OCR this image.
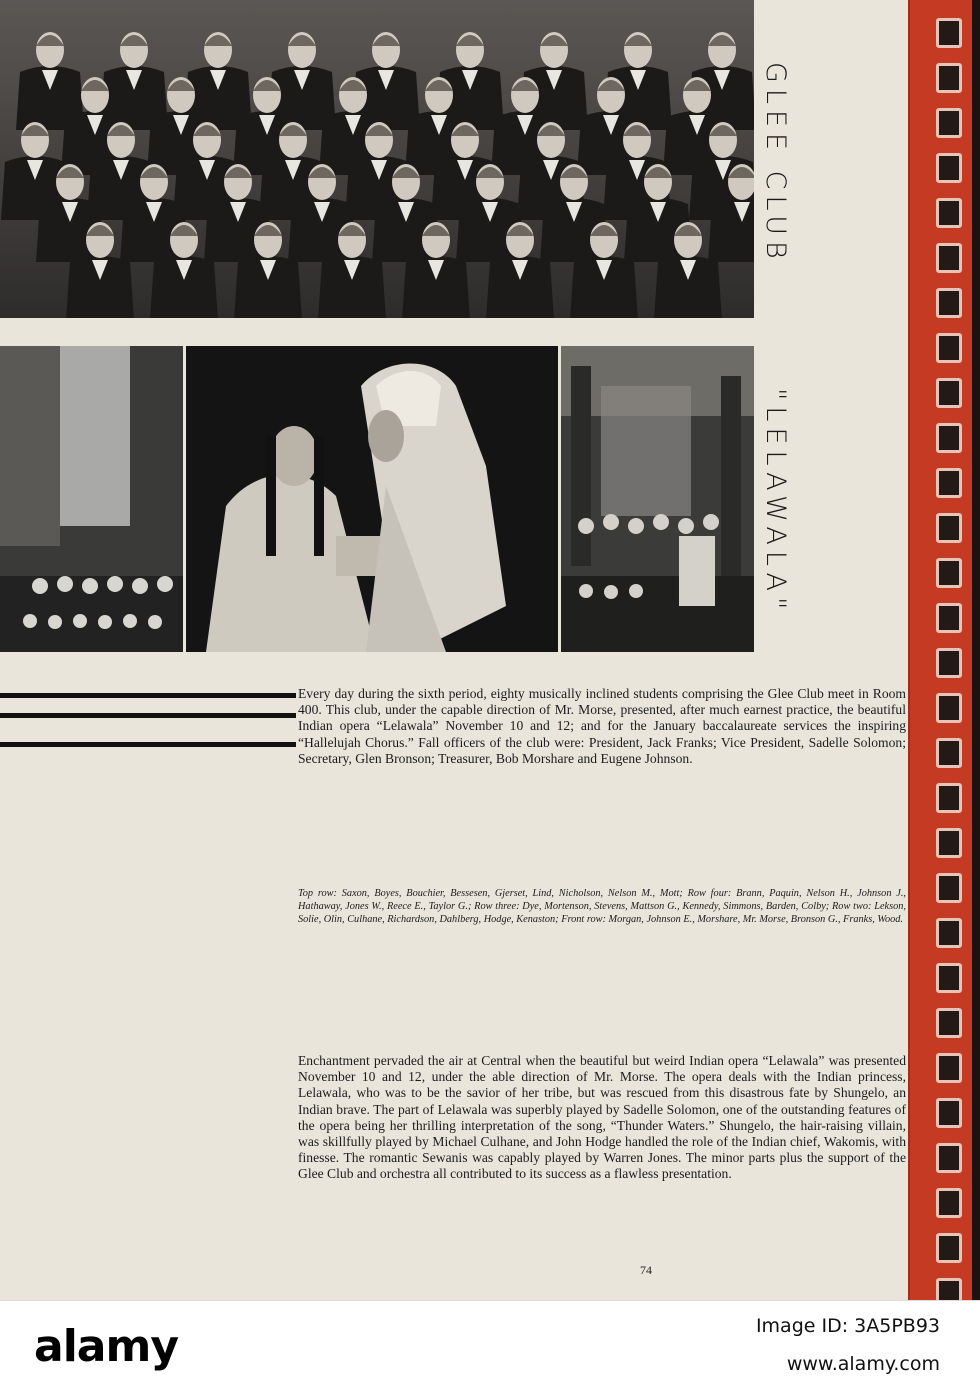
GLEE CLUB
"LELAWALA"

Every day during the sixth period, eighty musically inclined students comprising the Glee Club meet in Room 400. This club, under the capable direction of Mr. Morse, presented, after much earnest practice, the beautiful Indian opera “Lelawala” November 10 and 12; and for the January baccalaureate services the inspiring “Hallelujah Chorus.” Fall officers of the club were: President, Jack Franks; Vice President, Sadelle Solomon; Secretary, Glen Bronson; Treasurer, Bob Morshare and Eugene Johnson.

Top row: Saxon, Boyes, Bouchier, Bessesen, Gjerset, Lind, Nicholson, Nelson M., Mott; Row four: Brann, Paquin, Nelson H., Johnson J., Hathaway, Jones W., Reece E., Taylor G.; Row three: Dye, Mortenson, Stevens, Mattson G., Kennedy, Simmons, Barden, Colby; Row two: Lekson, Solie, Olin, Culhane, Richardson, Dahlberg, Hodge, Kenaston; Front row: Morgan, Johnson E., Morshare, Mr. Morse, Bronson G., Franks, Wood.

Enchantment pervaded the air at Central when the beautiful but weird Indian opera “Lelawala” was presented November 10 and 12, under the able direction of Mr. Morse. The opera deals with the Indian princess, Lelawala, who was to be the savior of her tribe, but was rescued from this disastrous fate by Shungelo, an Indian brave. The part of Lelawala was superbly played by Sadelle Solomon, one of the outstanding features of the opera being her thrilling interpretation of the song, “Thunder Waters.” Shungelo, the hair-raising villain, was skillfully played by Michael Culhane, and John Hodge handled the role of the Indian chief, Wakomis, with finesse. The romantic Sewanis was capably played by Warren Jones. The minor parts plus the support of the Glee Club and orchestra all contributed to its success as a flawless presentation.

74
alamy	Image ID: 3A5PB93
www.alamy.com
